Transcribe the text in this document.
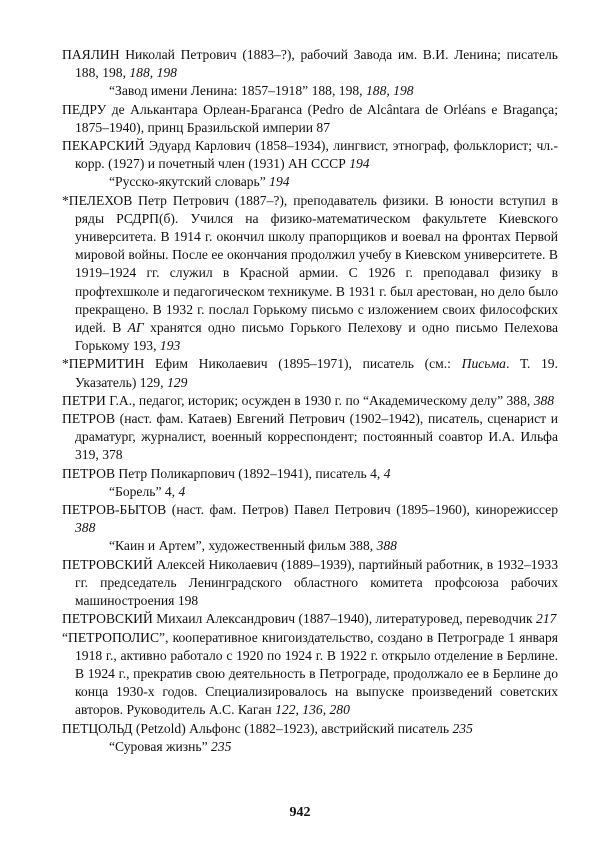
ПАЯЛИН Николай Петрович (1883–?), рабочий Завода им. В.И. Ленина; писатель 188, 198, 188, 198

“Завод имени Ленина: 1857–1918” 188, 198, 188, 198

ПЕДРУ де Алькантара Орлеан-Браганса (Pedro de Alcântara de Orléans e Bragança; 1875–1940), принц Бразильской империи 87

ПЕКАРСКИЙ Эдуард Карлович (1858–1934), лингвист, этнограф, фольклорист; чл.-корр. (1927) и почетный член (1931) АН СССР 194

“Русско-якутский словарь” 194

*ПЕЛЕХОВ Петр Петрович (1887–?), преподаватель физики. В юности вступил в ряды РСДРП(б). Учился на физико-математическом факультете Киевского университета. В 1914 г. окончил школу прапорщиков и воевал на фронтах Первой мировой войны. После ее окончания продолжил учебу в Киевском университете. В 1919–1924 гг. служил в Красной армии. С 1926 г. преподавал физику в профтехшколе и педагогическом техникуме. В 1931 г. был арестован, но дело было прекращено. В 1932 г. послал Горькому письмо с изложением своих философских идей. В АГ хранятся одно письмо Горького Пелехову и одно письмо Пелехова Горькому 193, 193

*ПЕРМИТИН Ефим Николаевич (1895–1971), писатель (см.: Письма. Т. 19. Указатель) 129, 129

ПЕТРИ Г.А., педагог, историк; осужден в 1930 г. по “Академическому делу” 388, 388

ПЕТРОВ (наст. фам. Катаев) Евгений Петрович (1902–1942), писатель, сценарист и драматург, журналист, военный корреспондент; постоянный соавтор И.А. Ильфа 319, 378

ПЕТРОВ Петр Поликарпович (1892–1941), писатель 4, 4

“Борель” 4, 4

ПЕТРОВ-БЫТОВ (наст. фам. Петров) Павел Петрович (1895–1960), кинорежиссер 388

“Каин и Артем”, художественный фильм 388, 388

ПЕТРОВСКИЙ Алексей Николаевич (1889–1939), партийный работник, в 1932–1933 гг. председатель Ленинградского областного комитета профсоюза рабочих машиностроения 198

ПЕТРОВСКИЙ Михаил Александрович (1887–1940), литературовед, переводчик 217

“ПЕТРОПОЛИС”, кооперативное книгоиздательство, создано в Петрограде 1 января 1918 г., активно работало с 1920 по 1924 г. В 1922 г. открыло отделение в Берлине. В 1924 г., прекратив свою деятельность в Петрограде, продолжало ее в Берлине до конца 1930-х годов. Специализировалось на выпуске произведений советских авторов. Руководитель А.С. Каган 122, 136, 280

ПЕТЦОЛЬД (Petzold) Альфонс (1882–1923), австрийский писатель 235

“Суровая жизнь” 235

942
